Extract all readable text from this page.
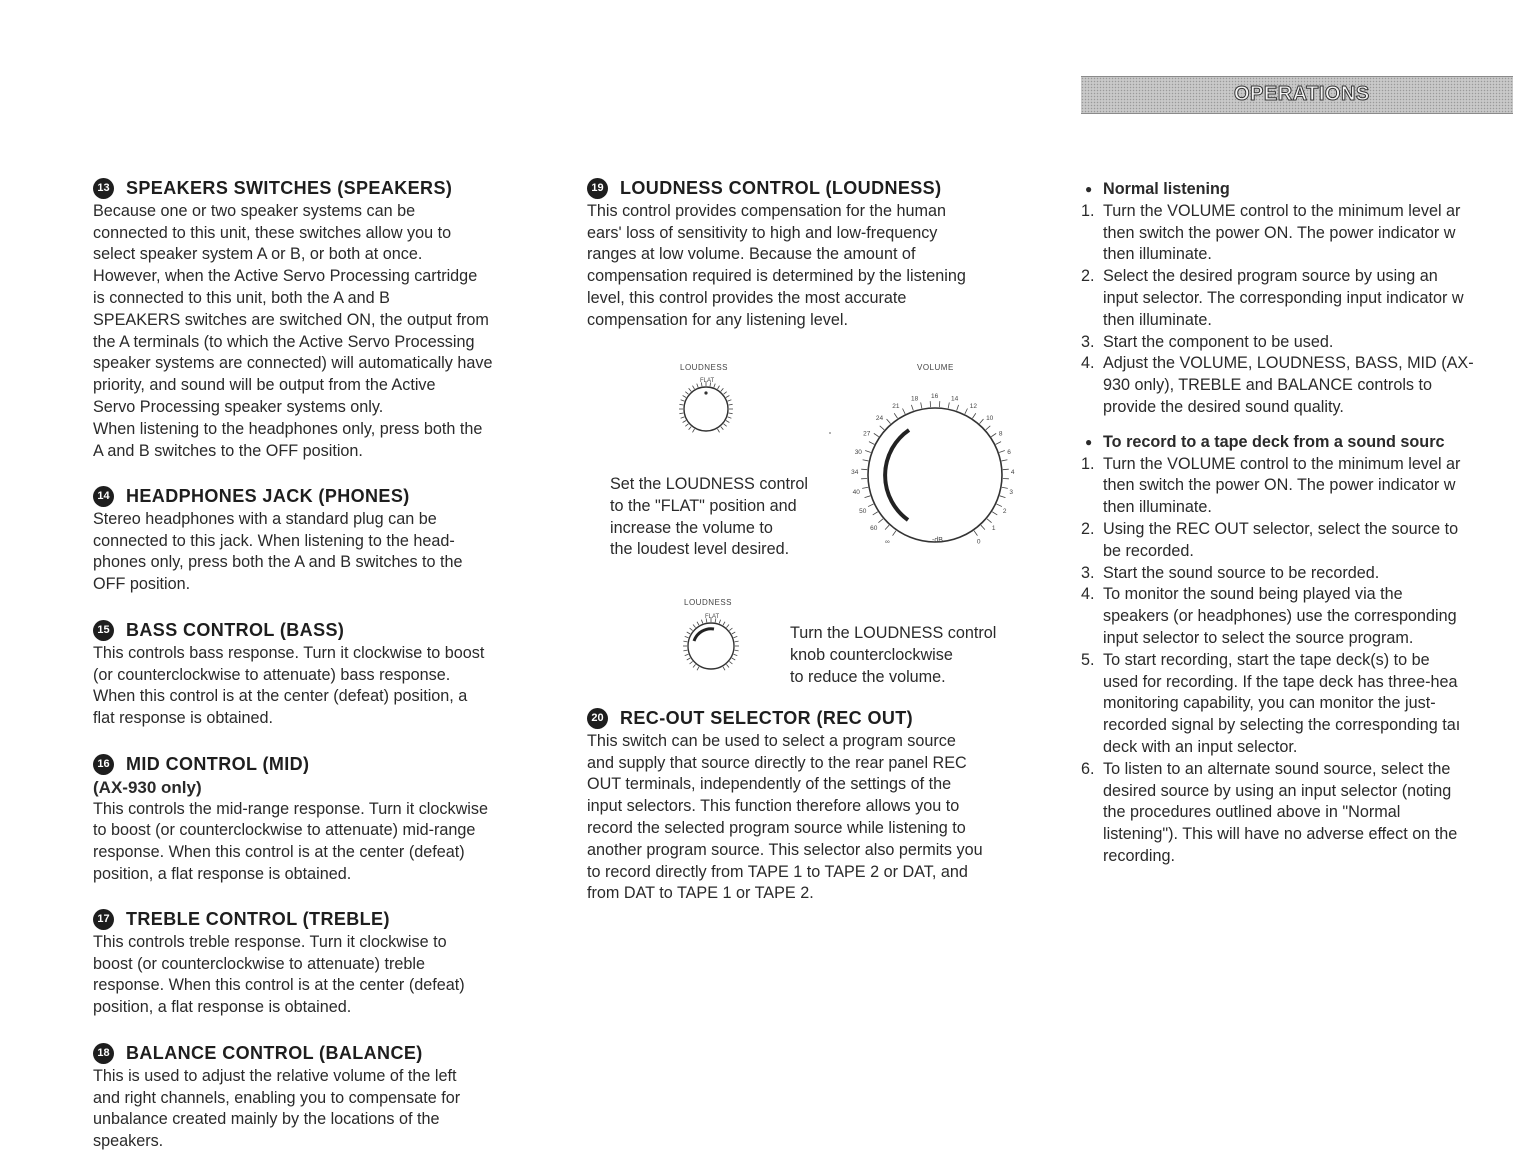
OPERATIONS
13 SPEAKERS SWITCHES (SPEAKERS)

Because one or two speaker systems can be

connected to this unit, these switches allow you to

select speaker system A or B, or both at once.

However, when the Active Servo Processing cartridge

is connected to this unit, both the A and B

SPEAKERS switches are switched ON, the output from

the A terminals (to which the Active Servo Processing

speaker systems are connected) will automatically have

priority, and sound will be output from the Active

Servo Processing speaker systems only.

When listening to the headphones only, press both the

A and B switches to the OFF position.

14 HEADPHONES JACK (PHONES)

Stereo headphones with a standard plug can be

connected to this jack. When listening to the head-

phones only, press both the A and B switches to the

OFF position.

15 BASS CONTROL (BASS)

This controls bass response. Turn it clockwise to boost

(or counterclockwise to attenuate) bass response.

When this control is at the center (defeat) position, a

flat response is obtained.

16 MID CONTROL (MID)
(AX-930 only)

This controls the mid-range response. Turn it clockwise

to boost (or counterclockwise to attenuate) mid-range

response. When this control is at the center (defeat)

position, a flat response is obtained.

17 TREBLE CONTROL (TREBLE)

This controls treble response. Turn it clockwise to

boost (or counterclockwise to attenuate) treble

response. When this control is at the center (defeat)

position, a flat response is obtained.

18 BALANCE CONTROL (BALANCE)

This is used to adjust the relative volume of the left

and right channels, enabling you to compensate for

unbalance created mainly by the locations of the

speakers.

19 LOUDNESS CONTROL (LOUDNESS)

This control provides compensation for the human

ears' loss of sensitivity to high and low-frequency

ranges at low volume. Because the amount of

compensation required is determined by the listening

level, this control provides the most accurate

compensation for any listening level.

20 REC-OUT SELECTOR (REC OUT)

This switch can be used to select a program source

and supply that source directly to the rear panel REC

OUT terminals, independently of the settings of the

input selectors. This function therefore allows you to

record the selected program source while listening to

another program source. This selector also permits you

to record directly from TAPE 1 to TAPE 2 or DAT, and

from DAT to TAPE 1 or TAPE 2.

LOUDNESS	VOLUME
FLAT
∞
60
50
40
34
30
27
24
21
18 16 14
12
10
8
6
4
3
2
1
0
-dB
Set the LOUDNESS control
to the "FLAT" position and
increase the volume to
the loudest level desired.
LOUDNESS
FLAT
Turn the LOUDNESS control
knob counterclockwise
to reduce the volume.
● Normal listening
1. Turn the VOLUME control to the minimum level ar
then switch the power ON. The power indicator w
then illuminate.
2. Select the desired program source by using an
input selector. The corresponding input indicator w
then illuminate.
3. Start the component to be used.
4. Adjust the VOLUME, LOUDNESS, BASS, MID (AX-
930 only), TREBLE and BALANCE controls to
provide the desired sound quality.
● To record to a tape deck from a sound sourc
1. Turn the VOLUME control to the minimum level ar
then switch the power ON. The power indicator w
then illuminate.
2. Using the REC OUT selector, select the source to
be recorded.
3. Start the sound source to be recorded.
4. To monitor the sound being played via the
speakers (or headphones) use the corresponding
input selector to select the source program.
5. To start recording, start the tape deck(s) to be
used for recording. If the tape deck has three-hea
monitoring capability, you can monitor the just-
recorded signal by selecting the corresponding taı
deck with an input selector.
6. To listen to an alternate sound source, select the
desired source by using an input selector (noting
the procedures outlined above in "Normal
listening"). This will have no adverse effect on the
recording.
